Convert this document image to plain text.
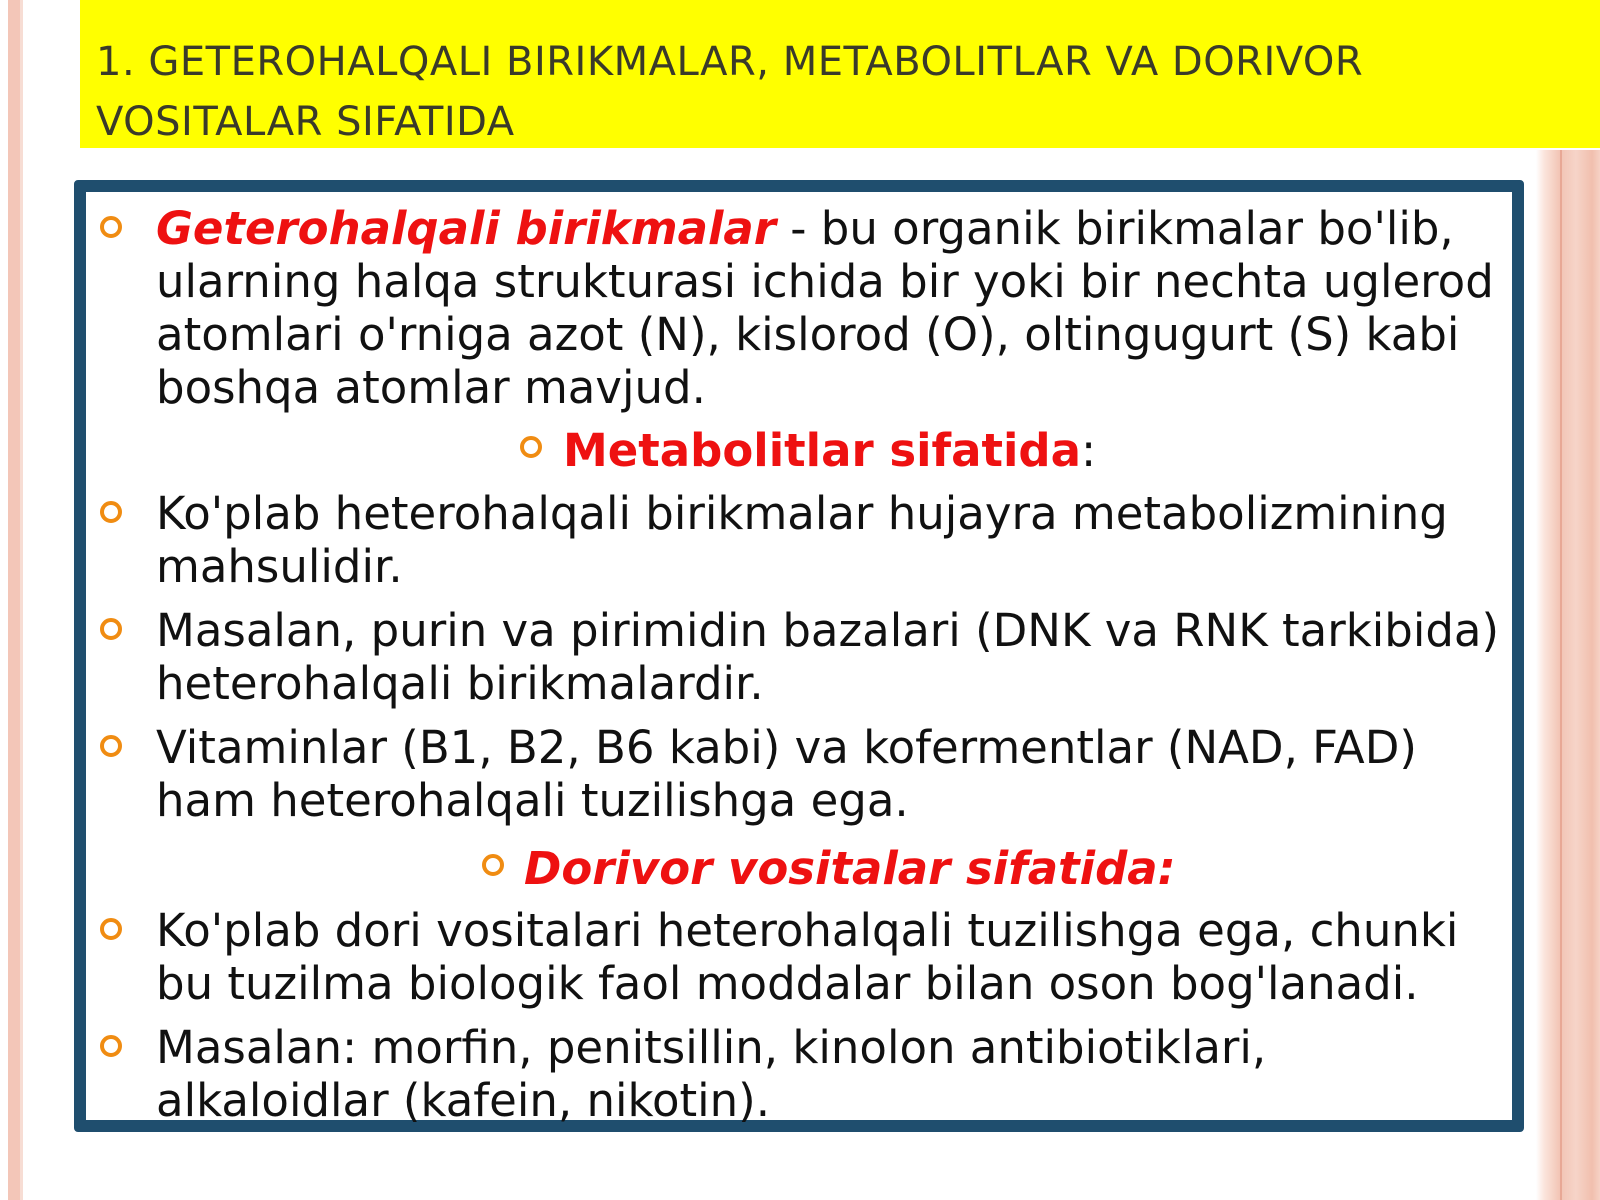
1. GETEROHALQALI BIRIKMALAR, METABOLITLAR VA DORIVOR VOSITALAR SIFATIDA
Geterohalqali birikmalar - bu organik birikmalar bo'lib, ularning halqa strukturasi ichida bir yoki bir nechta uglerod atomlari o'rniga azot (N), kislorod (O), oltingugurt (S) kabi boshqa atomlar mavjud.
Metabolitlar sifatida:
Ko'plab heterohalqali birikmalar hujayra metabolizmining mahsulidir.
Masalan, purin va pirimidin bazalari (DNK va RNK tarkibida) heterohalqali birikmalardir.
Vitaminlar (B1, B2, B6 kabi) va kofermentlar (NAD, FAD) ham heterohalqali tuzilishga ega.
Dorivor vositalar sifatida:
Ko'plab dori vositalari heterohalqali tuzilishga ega, chunki bu tuzilma biologik faol moddalar bilan oson bog'lanadi.
Masalan: morfin, penitsillin, kinolon antibiotiklari, alkaloidlar (kafein, nikotin).
